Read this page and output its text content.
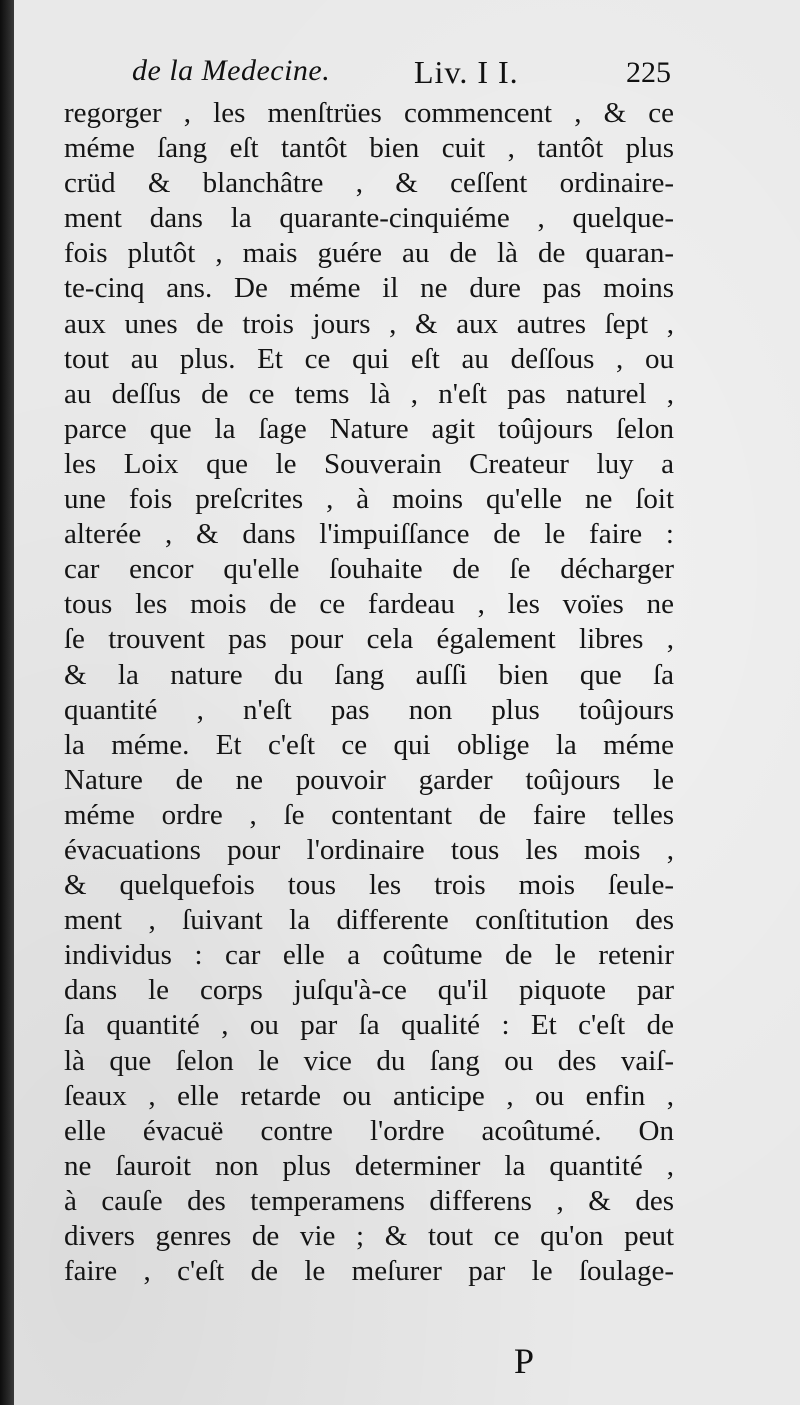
de la Medecine.	Liv. I I.	225
regorger , les menſtrües commencent , & ce
méme ſang eſt tantôt bien cuit , tantôt plus
crüd & blanchâtre , & ceſſent ordinaire-
ment dans la quarante-cinquiéme , quelque-
fois plutôt , mais guére au de là de quaran-
te-cinq ans. De méme il ne dure pas moins
aux unes de trois jours , & aux autres ſept ,
tout au plus. Et ce qui eſt au deſſous , ou
au deſſus de ce tems là , n'eſt pas naturel ,
parce que la ſage Nature agit toûjours ſelon
les Loix que le Souverain Createur luy a
une fois preſcrites , à moins qu'elle ne ſoit
alterée , & dans l'impuiſſance de le faire :
car encor qu'elle ſouhaite de ſe décharger
tous les mois de ce fardeau , les voïes ne
ſe trouvent pas pour cela également libres ,
& la nature du ſang auſſi bien que ſa
quantité , n'eſt pas non plus toûjours
la méme. Et c'eſt ce qui oblige la méme
Nature de ne pouvoir garder toûjours le
méme ordre , ſe contentant de faire telles
évacuations pour l'ordinaire tous les mois ,
& quelquefois tous les trois mois ſeule-
ment , ſuivant la differente conſtitution des
individus : car elle a coûtume de le retenir
dans le corps juſqu'à-ce qu'il piquote par
ſa quantité , ou par ſa qualité : Et c'eſt de
là que ſelon le vice du ſang ou des vaiſ-
ſeaux , elle retarde ou anticipe , ou enfin ,
elle évacuë contre l'ordre acoûtumé. On
ne ſauroit non plus determiner la quantité ,
à cauſe des temperamens differens , & des
divers genres de vie ; & tout ce qu'on peut
faire , c'eſt de le meſurer par le ſoulage-
P
